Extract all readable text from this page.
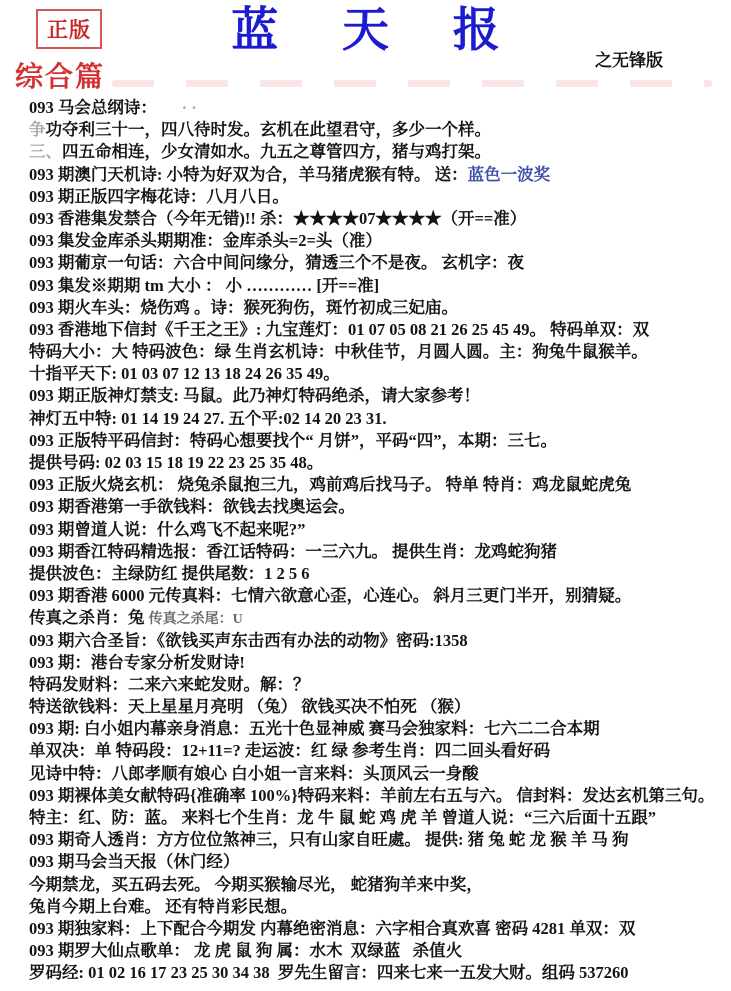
正版	蓝 天 报
之无锋版
综合篇
093 马会总纲诗：　　· ·
争功夺利三十一，四八待时发。玄机在此望君守，多少一个样。
三、四五命相连，少女清如水。九五之尊管四方，猪与鸡打架。
093 期澳门天机诗: 小特为好双为合，羊马猪虎猴有特。 送：蓝色一波奖
093 期正版四字梅花诗：八月八日。
093 香港集发禁合（今年无错)!! 杀：★★★★07★★★★（开==准）
093 集发金库杀头期期准：金库杀头=2=头（准）
093 期葡京一句话：六合中间问缘分，猜透三个不是夜。 玄机字：夜
093 集发※期期 tm 大小 ： 小 ………… [开==准]
093 期火车头：烧伤鸡 。诗：猴死狗伤，斑竹初成三妃庙。
093 香港地下信封《千王之王》: 九宝莲灯：01 07 05 08 21 26 25 45 49。 特码单双：双
特码大小：大 特码波色：绿 生肖玄机诗：中秋佳节，月圆人圆。主：狗兔牛鼠猴羊。
十指平天下: 01 03 07 12 13 18 24 26 35 49。
093 期正版神灯禁支: 马鼠。此乃神灯特码绝杀，请大家参考！
神灯五中特: 01 14 19 24 27. 五个平:02 14 20 23 31.
093 正版特平码信封：特码心想要找个“ 月饼”，平码“四”，本期：三七。
提供号码: 02 03 15 18 19 22 23 25 35 48。
093 正版火烧玄机： 烧兔杀鼠抱三九，鸡前鸡后找马子。 特单 特肖：鸡龙鼠蛇虎兔
093 期香港第一手欲钱料：欲钱去找奥运会。
093 期曾道人说：什么鸡飞不起来呢?”
093 期香江特码精选报：香江话特码：一三六九。 提供生肖：龙鸡蛇狗猪
提供波色：主绿防红 提供尾数：1 2 5 6
093 期香港 6000 元传真料：七情六欲意心歪，心连心。 斜月三更门半开，别猜疑。
传真之杀肖：兔 传真之杀尾：U
093 期六合圣旨：《欲钱买声东击西有办法的动物》密码:1358
093 期：港台专家分析发财诗!
特码发财料：二来六来蛇发财。解：？
特送欲钱料：天上星星月亮明 （兔） 欲钱买决不怕死 （猴）
093 期: 白小姐内幕亲身消息：五光十色显神威 赛马会独家料：七六二二合本期
单双决：单 特码段：12+11=? 走运波：红 绿 参考生肖：四二回头看好码
见诗中特：八郎孝顺有娘心 白小姐一言来料：头顶风云一身酸
093 期裸体美女献特码{准确率 100%}特码来料：羊前左右五与六。 信封料：发达玄机第三句。
特主：红、防：蓝。 来料七个生肖：龙 牛 鼠 蛇 鸡 虎 羊 曾道人说：“三六后面十五跟”
093 期奇人透肖：方方位位煞神三，只有山家自旺處。 提供: 猪 兔 蛇 龙 猴 羊 马 狗
093 期马会当天报（休门经）
今期禁龙，买五码去死。 今期买猴输尽光， 蛇猪狗羊来中奖，
兔肖今期上台难。 还有特肖彩民想。
093 期独家料：上下配合今期发 内幕绝密消息：六字相合真欢喜 密码 4281 单双：双
093 期罗大仙点歌单： 龙 虎 鼠 狗 属：水木  双绿蓝   杀值火
罗码经: 01 02 16 17 23 25 30 34 38  罗先生留言：四来七来一五发大财。组码 537260
